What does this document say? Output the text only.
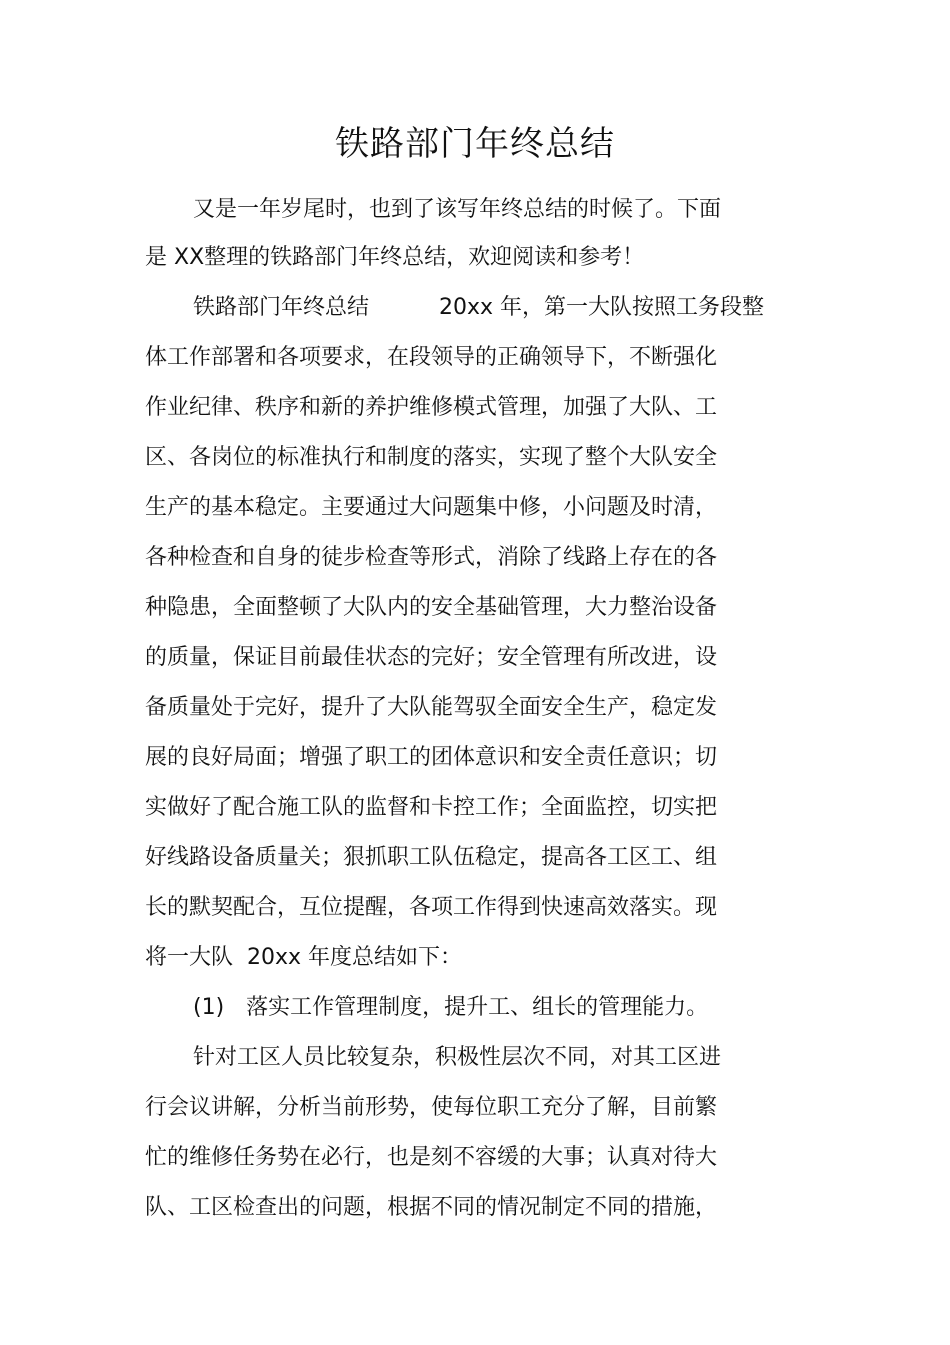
铁路部门年终总结

又是一年岁尾时，也到了该写年终总结的时候了。下面

是 XX整理的铁路部门年终总结，欢迎阅读和参考！

铁路部门年终总结	20xx 年，第一大队按照工务段整

体工作部署和各项要求，在段领导的正确领导下，不断强化

作业纪律、秩序和新的养护维修模式管理，加强了大队、工

区、各岗位的标准执行和制度的落实，实现了整个大队安全

生产的基本稳定。主要通过大问题集中修，小问题及时清，

各种检查和自身的徒步检查等形式，消除了线路上存在的各

种隐患，全面整顿了大队内的安全基础管理，大力整治设备

的质量，保证目前最佳状态的完好；安全管理有所改进，设

备质量处于完好，提升了大队能驾驭全面安全生产，稳定发

展的良好局面；增强了职工的团体意识和安全责任意识；切

实做好了配合施工队的监督和卡控工作；全面监控，切实把

好线路设备质量关；狠抓职工队伍稳定，提高各工区工、组

长的默契配合，互位提醒，各项工作得到快速高效落实。现

将一大队 20xx 年度总结如下：

(1) 落实工作管理制度，提升工、组长的管理能力。

针对工区人员比较复杂，积极性层次不同，对其工区进

行会议讲解，分析当前形势，使每位职工充分了解，目前繁

忙的维修任务势在必行，也是刻不容缓的大事；认真对待大

队、工区检查出的问题，根据不同的情况制定不同的措施，
